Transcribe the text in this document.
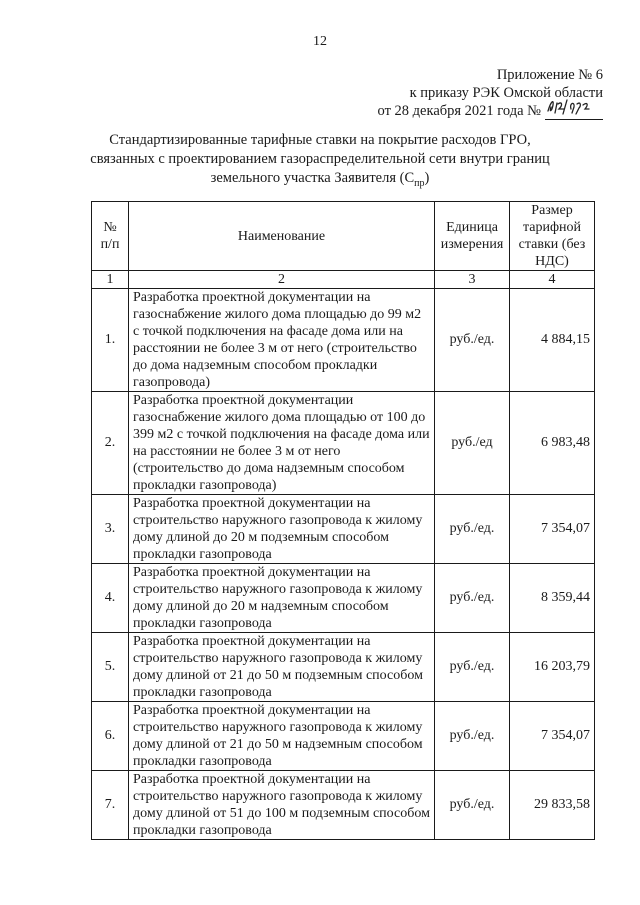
12
Приложение № 6
к приказу РЭК Омской области
от 28 декабря 2021 года №
Стандартизированные тарифные ставки на покрытие расходов ГРО,
связанных с проектированием газораспределительной сети внутри границ
земельного участка Заявителя $(С_{пр})$
№ п/п	Наименование	Единица измерения	Размер тарифной ставки (без НДС)
1	2	3	4
1.	Разработка проектной документации на газоснабжение жилого дома площадью до 99 м2 с точкой подключения на фасаде дома или на расстоянии не более 3 м от него (строительство до дома надземным способом прокладки газопровода)	руб./ед.	4 884,15
2.	Разработка проектной документации газоснабжение жилого дома площадью от 100 до 399 м2 с точкой подключения на фасаде дома или на расстоянии не более 3 м от него (строительство до дома надземным способом прокладки газопровода)	руб./ед	6 983,48
3.	Разработка проектной документации на строительство наружного газопровода к жилому дому длиной до 20 м подземным способом прокладки газопровода	руб./ед.	7 354,07
4.	Разработка проектной документации на строительство наружного газопровода к жилому дому длиной до 20 м надземным способом прокладки газопровода	руб./ед.	8 359,44
5.	Разработка проектной документации на строительство наружного газопровода к жилому дому длиной от 21 до 50 м подземным способом прокладки газопровода	руб./ед.	16 203,79
6.	Разработка проектной документации на строительство наружного газопровода к жилому дому длиной от 21 до 50 м надземным способом прокладки газопровода	руб./ед.	7 354,07
7.	Разработка проектной документации на строительство наружного газопровода к жилому дому длиной от 51 до 100 м подземным способом прокладки газопровода	руб./ед.	29 833,58
